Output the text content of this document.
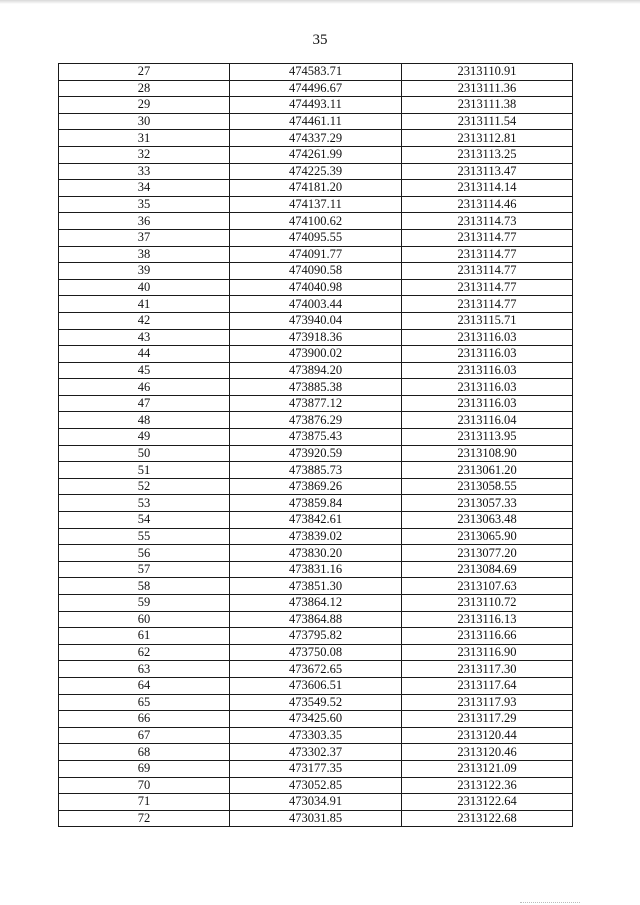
35
27	474583.71	2313110.91
28	474496.67	2313111.36
29	474493.11	2313111.38
30	474461.11	2313111.54
31	474337.29	2313112.81
32	474261.99	2313113.25
33	474225.39	2313113.47
34	474181.20	2313114.14
35	474137.11	2313114.46
36	474100.62	2313114.73
37	474095.55	2313114.77
38	474091.77	2313114.77
39	474090.58	2313114.77
40	474040.98	2313114.77
41	474003.44	2313114.77
42	473940.04	2313115.71
43	473918.36	2313116.03
44	473900.02	2313116.03
45	473894.20	2313116.03
46	473885.38	2313116.03
47	473877.12	2313116.03
48	473876.29	2313116.04
49	473875.43	2313113.95
50	473920.59	2313108.90
51	473885.73	2313061.20
52	473869.26	2313058.55
53	473859.84	2313057.33
54	473842.61	2313063.48
55	473839.02	2313065.90
56	473830.20	2313077.20
57	473831.16	2313084.69
58	473851.30	2313107.63
59	473864.12	2313110.72
60	473864.88	2313116.13
61	473795.82	2313116.66
62	473750.08	2313116.90
63	473672.65	2313117.30
64	473606.51	2313117.64
65	473549.52	2313117.93
66	473425.60	2313117.29
67	473303.35	2313120.44
68	473302.37	2313120.46
69	473177.35	2313121.09
70	473052.85	2313122.36
71	473034.91	2313122.64
72	473031.85	2313122.68
